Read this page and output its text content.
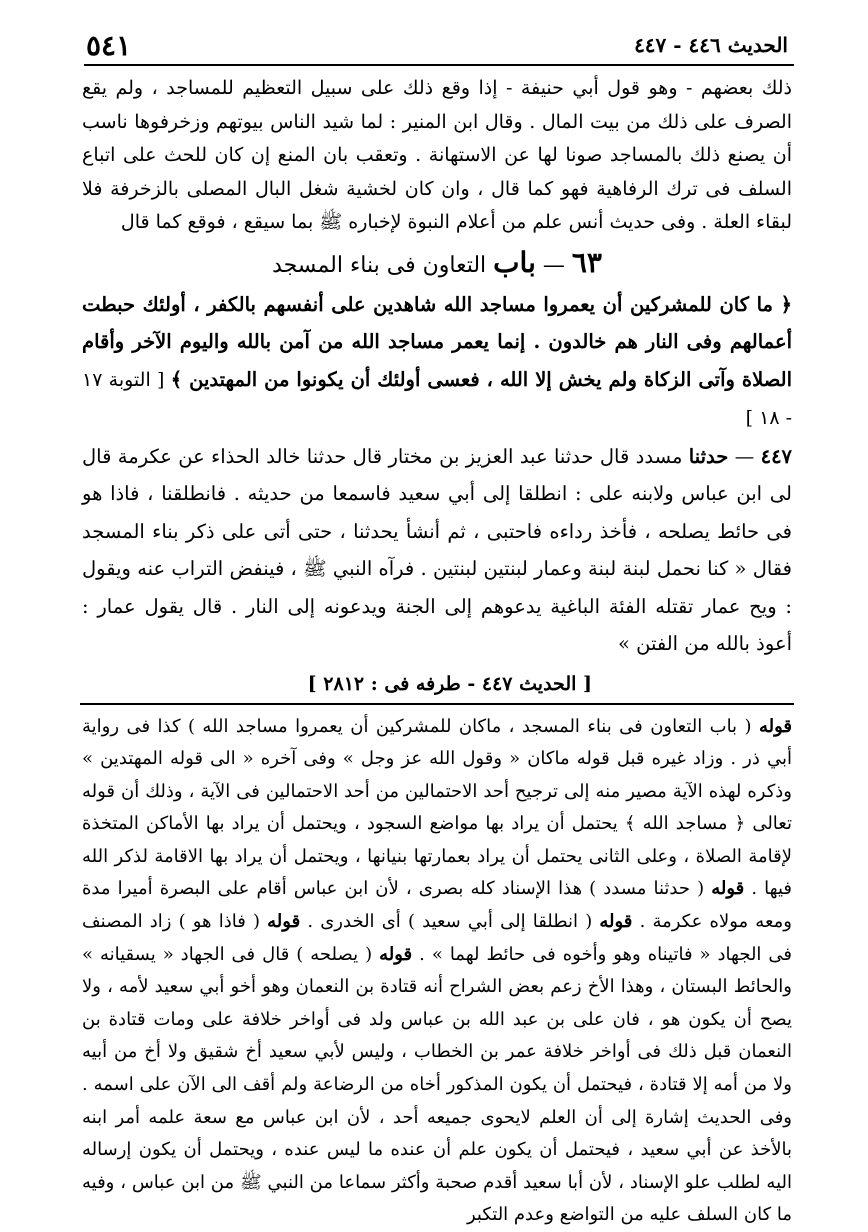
الحديث ٤٤٦ - ٤٤٧
٥٤١

ذلك بعضهم - وهو قول أبي حنيفة - إذا وقع ذلك على سبيل التعظيم للمساجد ، ولم يقع الصرف على ذلك من بيت المال . وقال ابن المنير : لما شيد الناس بيوتهم وزخرفوها ناسب أن يصنع ذلك بالمساجد صونا لها عن الاستهانة . وتعقب بان المنع إن كان للحث على اتباع السلف فى ترك الرفاهية فهو كما قال ، وان كان لخشية شغل البال المصلى بالزخرفة فلا لبقاء العلة . وفى حديث أنس علم من أعلام النبوة لإخباره ﷺ بما سيقع ، فوقع كما قال

٦٣ — باب التعاون فى بناء المسجد

﴿ ما كان للمشركين أن يعمروا مساجد الله شاهدين على أنفسهم بالكفر ، أولئك حبطت أعمالهم وفى النار هم خالدون . إنما يعمر مساجد الله من آمن بالله واليوم الآخر وأقام الصلاة وآتى الزكاة ولم يخش إلا الله ، فعسى أولئك أن يكونوا من المهتدين ﴾ [ التوبة ١٧ - ١٨ ]

٤٤٧ — حدثنا مسدد قال حدثنا عبد العزيز بن مختار قال حدثنا خالد الحذاء عن عكرمة قال لى ابن عباس ولابنه على : انطلقا إلى أبي سعيد فاسمعا من حديثه . فانطلقنا ، فاذا هو فى حائط يصلحه ، فأخذ رداءه فاحتبى ، ثم أنشأ يحدثنا ، حتى أتى على ذكر بناء المسجد فقال « كنا نحمل لبنة لبنة وعمار لبنتين لبنتين . فرآه النبي ﷺ ، فينفض التراب عنه ويقول : ويح عمار تقتله الفئة الباغية يدعوهم إلى الجنة ويدعونه إلى النار . قال يقول عمار : أعوذ بالله من الفتن »

[ الحديث ٤٤٧ - طرفه فى : ٢٨١٢ ]

قوله ( باب التعاون فى بناء المسجد ، ماكان للمشركين أن يعمروا مساجد الله ) كذا فى رواية أبي ذر . وزاد غيره قبل قوله ماكان « وقول الله عز وجل » وفى آخره « الى قوله المهتدين » وذكره لهذه الآية مصير منه إلى ترجيح أحد الاحتمالين من أحد الاحتمالين فى الآية ، وذلك أن قوله تعالى ﴿ مساجد الله ﴾ يحتمل أن يراد بها مواضع السجود ، ويحتمل أن يراد بها الأماكن المتخذة لإقامة الصلاة ، وعلى الثانى يحتمل أن يراد بعمارتها بنيانها ، ويحتمل أن يراد بها الاقامة لذكر الله فيها . قوله ( حدثنا مسدد ) هذا الإسناد كله بصرى ، لأن ابن عباس أقام على البصرة أميرا مدة ومعه مولاه عكرمة . قوله ( انطلقا إلى أبي سعيد ) أى الخدرى . قوله ( فاذا هو ) زاد المصنف فى الجهاد « فاتيناه وهو وأخوه فى حائط لهما » . قوله ( يصلحه ) قال فى الجهاد « يسقيانه » والحائط البستان ، وهذا الأخ زعم بعض الشراح أنه قتادة بن النعمان وهو أخو أبي سعيد لأمه ، ولا يصح أن يكون هو ، فان على بن عبد الله بن عباس ولد فى أواخر خلافة على ومات قتادة بن النعمان قبل ذلك فى أواخر خلافة عمر بن الخطاب ، وليس لأبي سعيد أخ شقيق ولا أخ من أبيه ولا من أمه إلا قتادة ، فيحتمل أن يكون المذكور أخاه من الرضاعة ولم أقف الى الآن على اسمه . وفى الحديث إشارة إلى أن العلم لايحوى جميعه أحد ، لأن ابن عباس مع سعة علمه أمر ابنه بالأخذ عن أبي سعيد ، فيحتمل أن يكون علم أن عنده ما ليس عنده ، ويحتمل أن يكون إرساله اليه لطلب علو الإسناد ، لأن أبا سعيد أقدم صحبة وأكثر سماعا من النبي ﷺ من ابن عباس ، وفيه ما كان السلف عليه من التواضع وعدم التكبر
